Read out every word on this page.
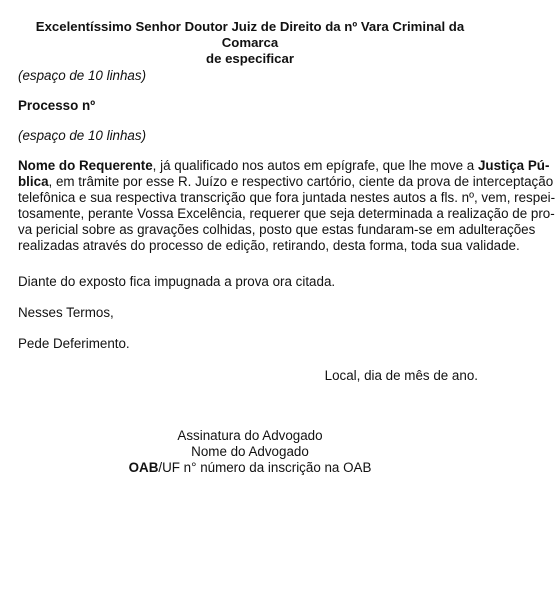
Excelentíssimo Senhor Doutor Juiz de Direito da nº Vara Criminal da Comarca
de especificar

(espaço de 10 linhas)

Processo nº

(espaço de 10 linhas)

Nome do Requerente, já qualificado nos autos em epígrafe, que lhe move a Justiça Pú-
blica, em trâmite por esse R. Juízo e respectivo cartório, ciente da prova de interceptação
telefônica e sua respectiva transcrição que fora juntada nestes autos a fls. nº, vem, respei-
tosamente, perante Vossa Excelência, requerer que seja determinada a realização de pro-
va pericial sobre as gravações colhidas, posto que estas fundaram-se em adulterações
realizadas através do processo de edição, retirando, desta forma, toda sua validade.

Diante do exposto fica impugnada a prova ora citada.

Nesses Termos,

Pede Deferimento.

Local, dia de mês de ano.
Assinatura do Advogado
Nome do Advogado
OAB/UF n° número da inscrição na OAB
